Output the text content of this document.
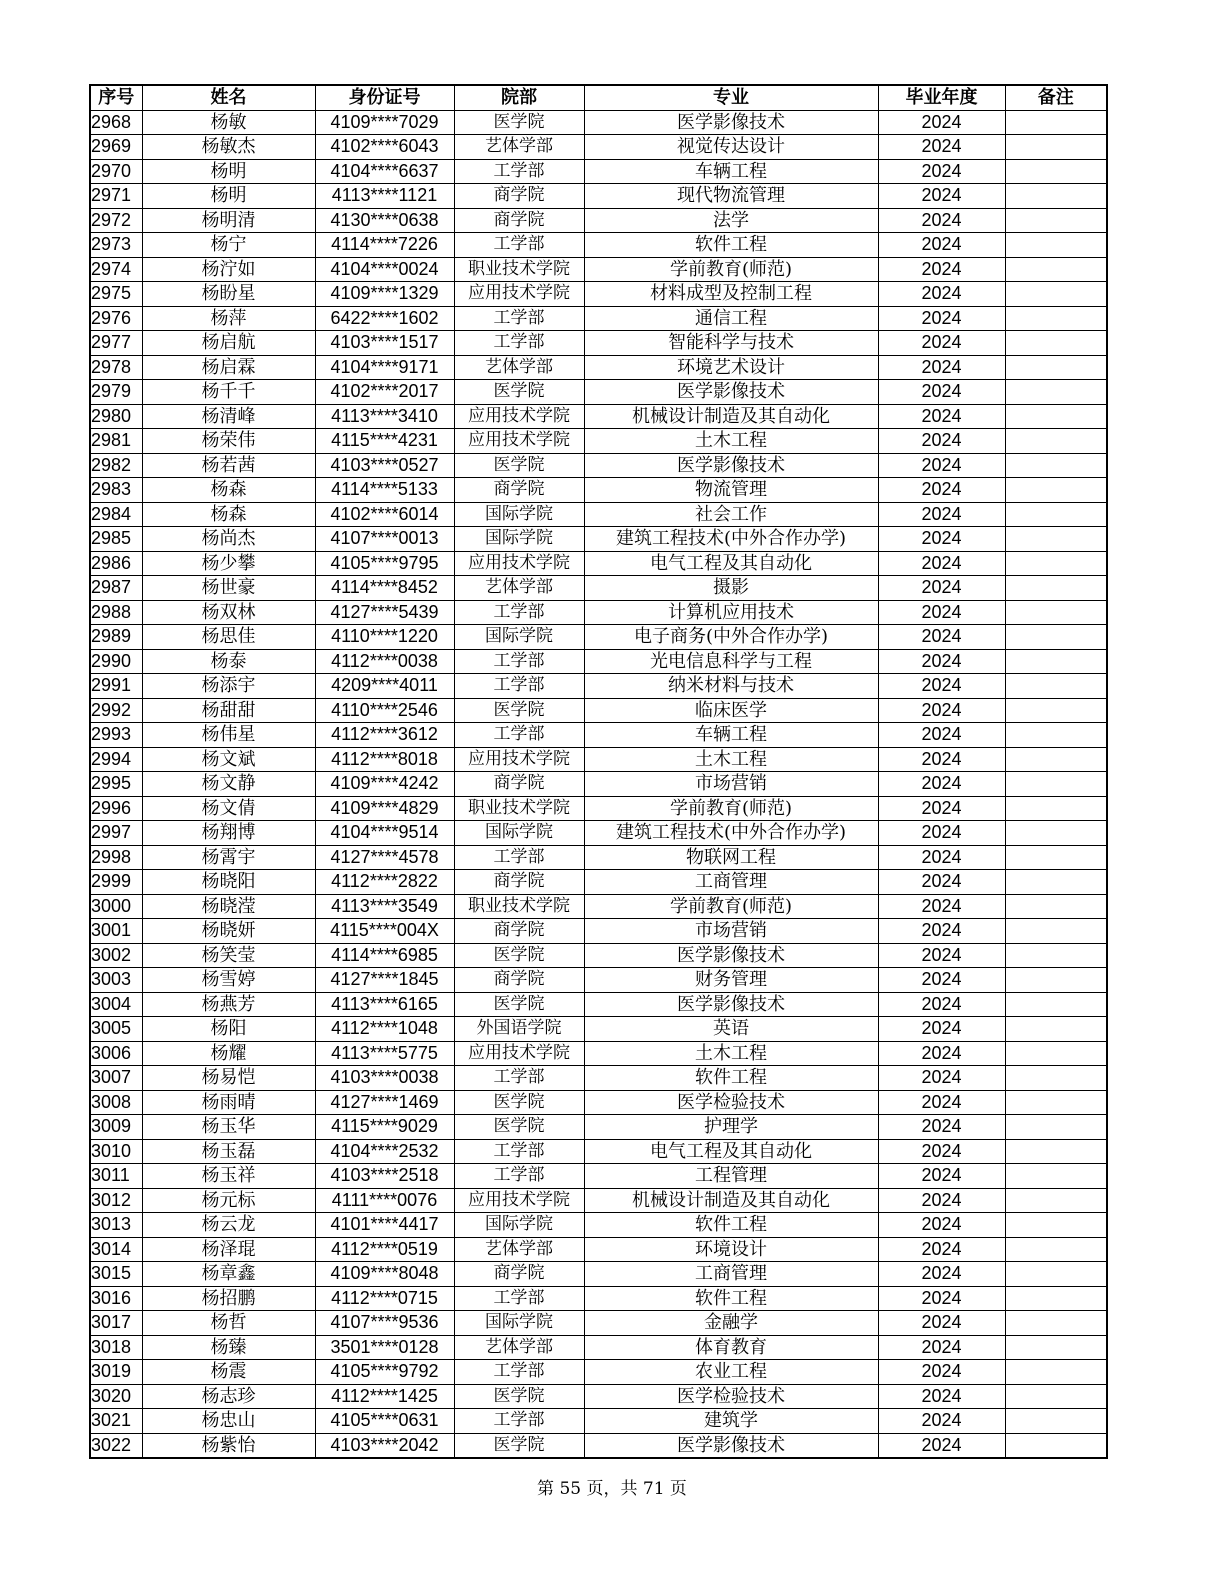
序号	姓名	身份证号	院部	专业	毕业年度	备注
2968	杨敏	4109****7029	医学院	医学影像技术	2024	
2969	杨敏杰	4102****6043	艺体学部	视觉传达设计	2024	
2970	杨明	4104****6637	工学部	车辆工程	2024	
2971	杨明	4113****1121	商学院	现代物流管理	2024	
2972	杨明清	4130****0638	商学院	法学	2024	
2973	杨宁	4114****7226	工学部	软件工程	2024	
2974	杨泞如	4104****0024	职业技术学院	学前教育(师范)	2024	
2975	杨盼星	4109****1329	应用技术学院	材料成型及控制工程	2024	
2976	杨萍	6422****1602	工学部	通信工程	2024	
2977	杨启航	4103****1517	工学部	智能科学与技术	2024	
2978	杨启霖	4104****9171	艺体学部	环境艺术设计	2024	
2979	杨千千	4102****2017	医学院	医学影像技术	2024	
2980	杨清峰	4113****3410	应用技术学院	机械设计制造及其自动化	2024	
2981	杨荣伟	4115****4231	应用技术学院	土木工程	2024	
2982	杨若茜	4103****0527	医学院	医学影像技术	2024	
2983	杨森	4114****5133	商学院	物流管理	2024	
2984	杨森	4102****6014	国际学院	社会工作	2024	
2985	杨尚杰	4107****0013	国际学院	建筑工程技术(中外合作办学)	2024	
2986	杨少攀	4105****9795	应用技术学院	电气工程及其自动化	2024	
2987	杨世豪	4114****8452	艺体学部	摄影	2024	
2988	杨双林	4127****5439	工学部	计算机应用技术	2024	
2989	杨思佳	4110****1220	国际学院	电子商务(中外合作办学)	2024	
2990	杨泰	4112****0038	工学部	光电信息科学与工程	2024	
2991	杨添宇	4209****4011	工学部	纳米材料与技术	2024	
2992	杨甜甜	4110****2546	医学院	临床医学	2024	
2993	杨伟星	4112****3612	工学部	车辆工程	2024	
2994	杨文斌	4112****8018	应用技术学院	土木工程	2024	
2995	杨文静	4109****4242	商学院	市场营销	2024	
2996	杨文倩	4109****4829	职业技术学院	学前教育(师范)	2024	
2997	杨翔博	4104****9514	国际学院	建筑工程技术(中外合作办学)	2024	
2998	杨霄宇	4127****4578	工学部	物联网工程	2024	
2999	杨晓阳	4112****2822	商学院	工商管理	2024	
3000	杨晓滢	4113****3549	职业技术学院	学前教育(师范)	2024	
3001	杨晓妍	4115****004X	商学院	市场营销	2024	
3002	杨笑莹	4114****6985	医学院	医学影像技术	2024	
3003	杨雪婷	4127****1845	商学院	财务管理	2024	
3004	杨燕芳	4113****6165	医学院	医学影像技术	2024	
3005	杨阳	4112****1048	外国语学院	英语	2024	
3006	杨耀	4113****5775	应用技术学院	土木工程	2024	
3007	杨易恺	4103****0038	工学部	软件工程	2024	
3008	杨雨晴	4127****1469	医学院	医学检验技术	2024	
3009	杨玉华	4115****9029	医学院	护理学	2024	
3010	杨玉磊	4104****2532	工学部	电气工程及其自动化	2024	
3011	杨玉祥	4103****2518	工学部	工程管理	2024	
3012	杨元标	4111****0076	应用技术学院	机械设计制造及其自动化	2024	
3013	杨云龙	4101****4417	国际学院	软件工程	2024	
3014	杨泽琨	4112****0519	艺体学部	环境设计	2024	
3015	杨章鑫	4109****8048	商学院	工商管理	2024	
3016	杨招鹏	4112****0715	工学部	软件工程	2024	
3017	杨哲	4107****9536	国际学院	金融学	2024	
3018	杨臻	3501****0128	艺体学部	体育教育	2024	
3019	杨震	4105****9792	工学部	农业工程	2024	
3020	杨志珍	4112****1425	医学院	医学检验技术	2024	
3021	杨忠山	4105****0631	工学部	建筑学	2024	
3022	杨紫怡	4103****2042	医学院	医学影像技术	2024	
第 55 页，共 71 页
